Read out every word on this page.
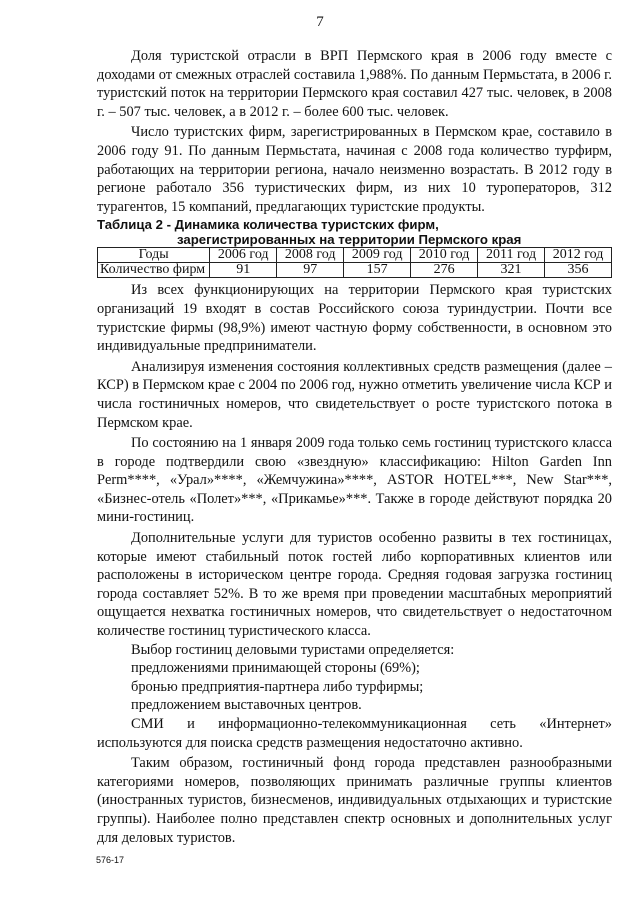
7

Доля туристской отрасли в ВРП Пермского края в 2006 году вместе с доходами от смежных отраслей составила 1,988%. По данным Пермьстата, в 2006 г. туристский поток на территории Пермского края составил 427 тыс. человек, в 2008 г. – 507 тыс. человек, а в 2012 г. – более 600 тыс. человек.

Число туристских фирм, зарегистрированных в Пермском крае, составило в 2006 году 91. По данным Пермьстата, начиная с 2008 года количество турфирм, работающих на территории региона, начало неизменно возрастать. В 2012 году в регионе работало 356 туристических фирм, из них 10 туроператоров, 312 турагентов, 15 компаний, предлагающих туристские продукты.

Таблица 2 - Динамика количества туристских фирм,
зарегистрированных на территории Пермского края
Годы	2006 год	2008 год	2009 год	2010 год	2011 год	2012 год
Количество фирм	91	97	157	276	321	356

Из всех функционирующих на территории Пермского края туристских организаций 19 входят в состав Российского союза туриндустрии. Почти все туристские фирмы (98,9%) имеют частную форму собственности, в основном это индивидуальные предприниматели.

Анализируя изменения состояния коллективных средств размещения (далее – КСР) в Пермском крае с 2004 по 2006 год, нужно отметить увеличение числа КСР и числа гостиничных номеров, что свидетельствует о росте туристского потока в Пермском крае.

По состоянию на 1 января 2009 года только семь гостиниц туристского класса в городе подтвердили свою «звездную» классификацию: Hilton Garden Inn Perm****, «Урал»****, «Жемчужина»****, ASTOR HOTEL***, New Star***, «Бизнес-отель «Полет»***, «Прикамье»***. Также в городе действуют порядка 20 мини-гостиниц.

Дополнительные услуги для туристов особенно развиты в тех гостиницах, которые имеют стабильный поток гостей либо корпоративных клиентов или расположены в историческом центре города. Средняя годовая загрузка гостиниц города составляет 52%. В то же время при проведении масштабных мероприятий ощущается нехватка гостиничных номеров, что свидетельствует о недостаточном количестве гостиниц туристического класса.

Выбор гостиниц деловыми туристами определяется:

предложениями принимающей стороны (69%);

бронью предприятия-партнера либо турфирмы;

предложением выставочных центров.

СМИ и информационно-телекоммуникационная сеть «Интернет» используются для поиска средств размещения недостаточно активно.

Таким образом, гостиничный фонд города представлен разнообразными категориями номеров, позволяющих принимать различные группы клиентов (иностранных туристов, бизнесменов, индивидуальных отдыхающих и туристские группы). Наиболее полно представлен спектр основных и дополнительных услуг для деловых туристов.

576-17
